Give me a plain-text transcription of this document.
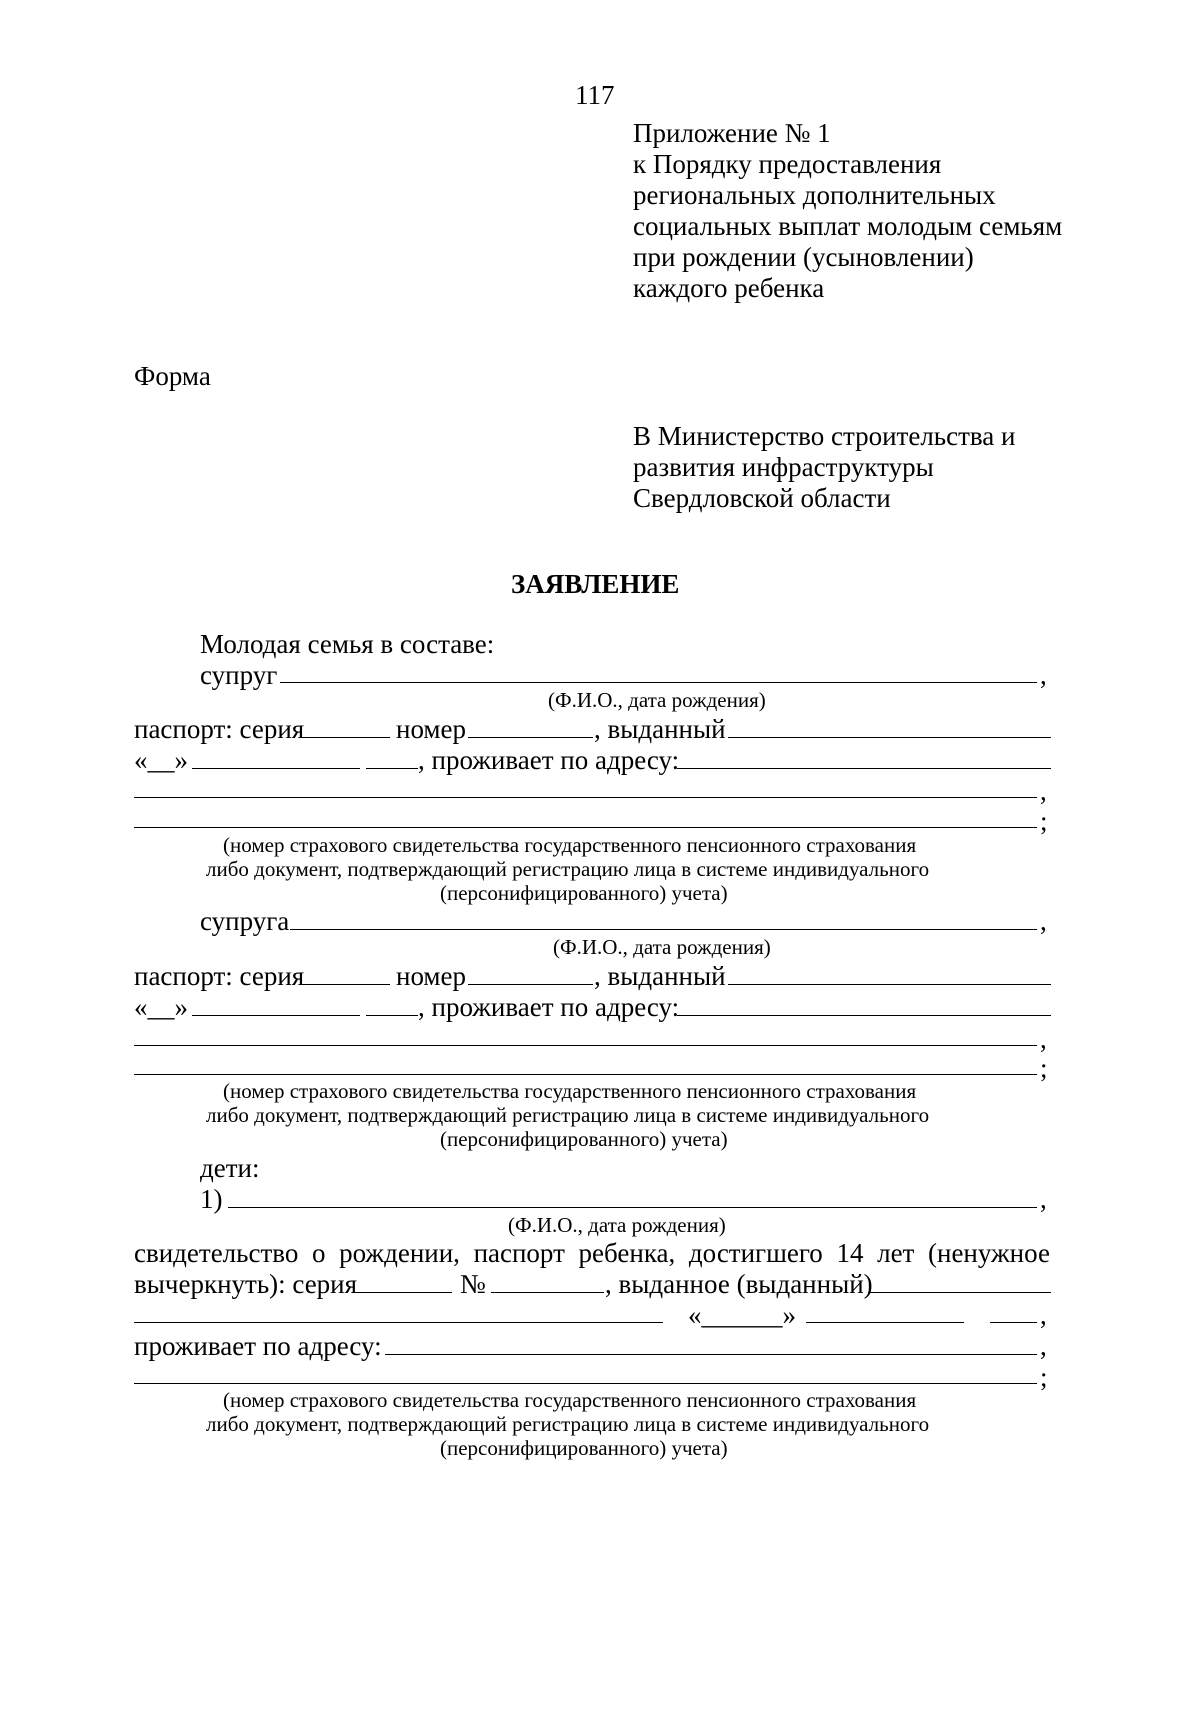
117
Приложение № 1
к Порядку предоставления
региональных дополнительных
социальных выплат молодым семьям
при рождении (усыновлении)
каждого ребенка
Форма
В Министерство строительства и
развития инфраструктуры
Свердловской области
ЗАЯВЛЕНИЕ
Молодая семья в составе:
супруг	,
(Ф.И.О., дата рождения)
паспорт: серия	номер	, выданный
«__»	, проживает по адресу:
,
;
(номер страхового свидетельства государственного пенсионного страхования
либо документ, подтверждающий регистрацию лица в системе индивидуального
(персонифицированного) учета)
супруга	,
(Ф.И.О., дата рождения)
паспорт: серия	номер	, выданный
«__»	, проживает по адресу:
,
;
(номер страхового свидетельства государственного пенсионного страхования
либо документ, подтверждающий регистрацию лица в системе индивидуального
(персонифицированного) учета)
дети:
1)	,
(Ф.И.О., дата рождения)
свидетельство о рождении, паспорт ребенка, достигшего 14 лет (ненужное
вычеркнуть): серия	№	, выданное (выданный)
«______»	,
проживает по адресу:	,
;
(номер страхового свидетельства государственного пенсионного страхования
либо документ, подтверждающий регистрацию лица в системе индивидуального
(персонифицированного) учета)
